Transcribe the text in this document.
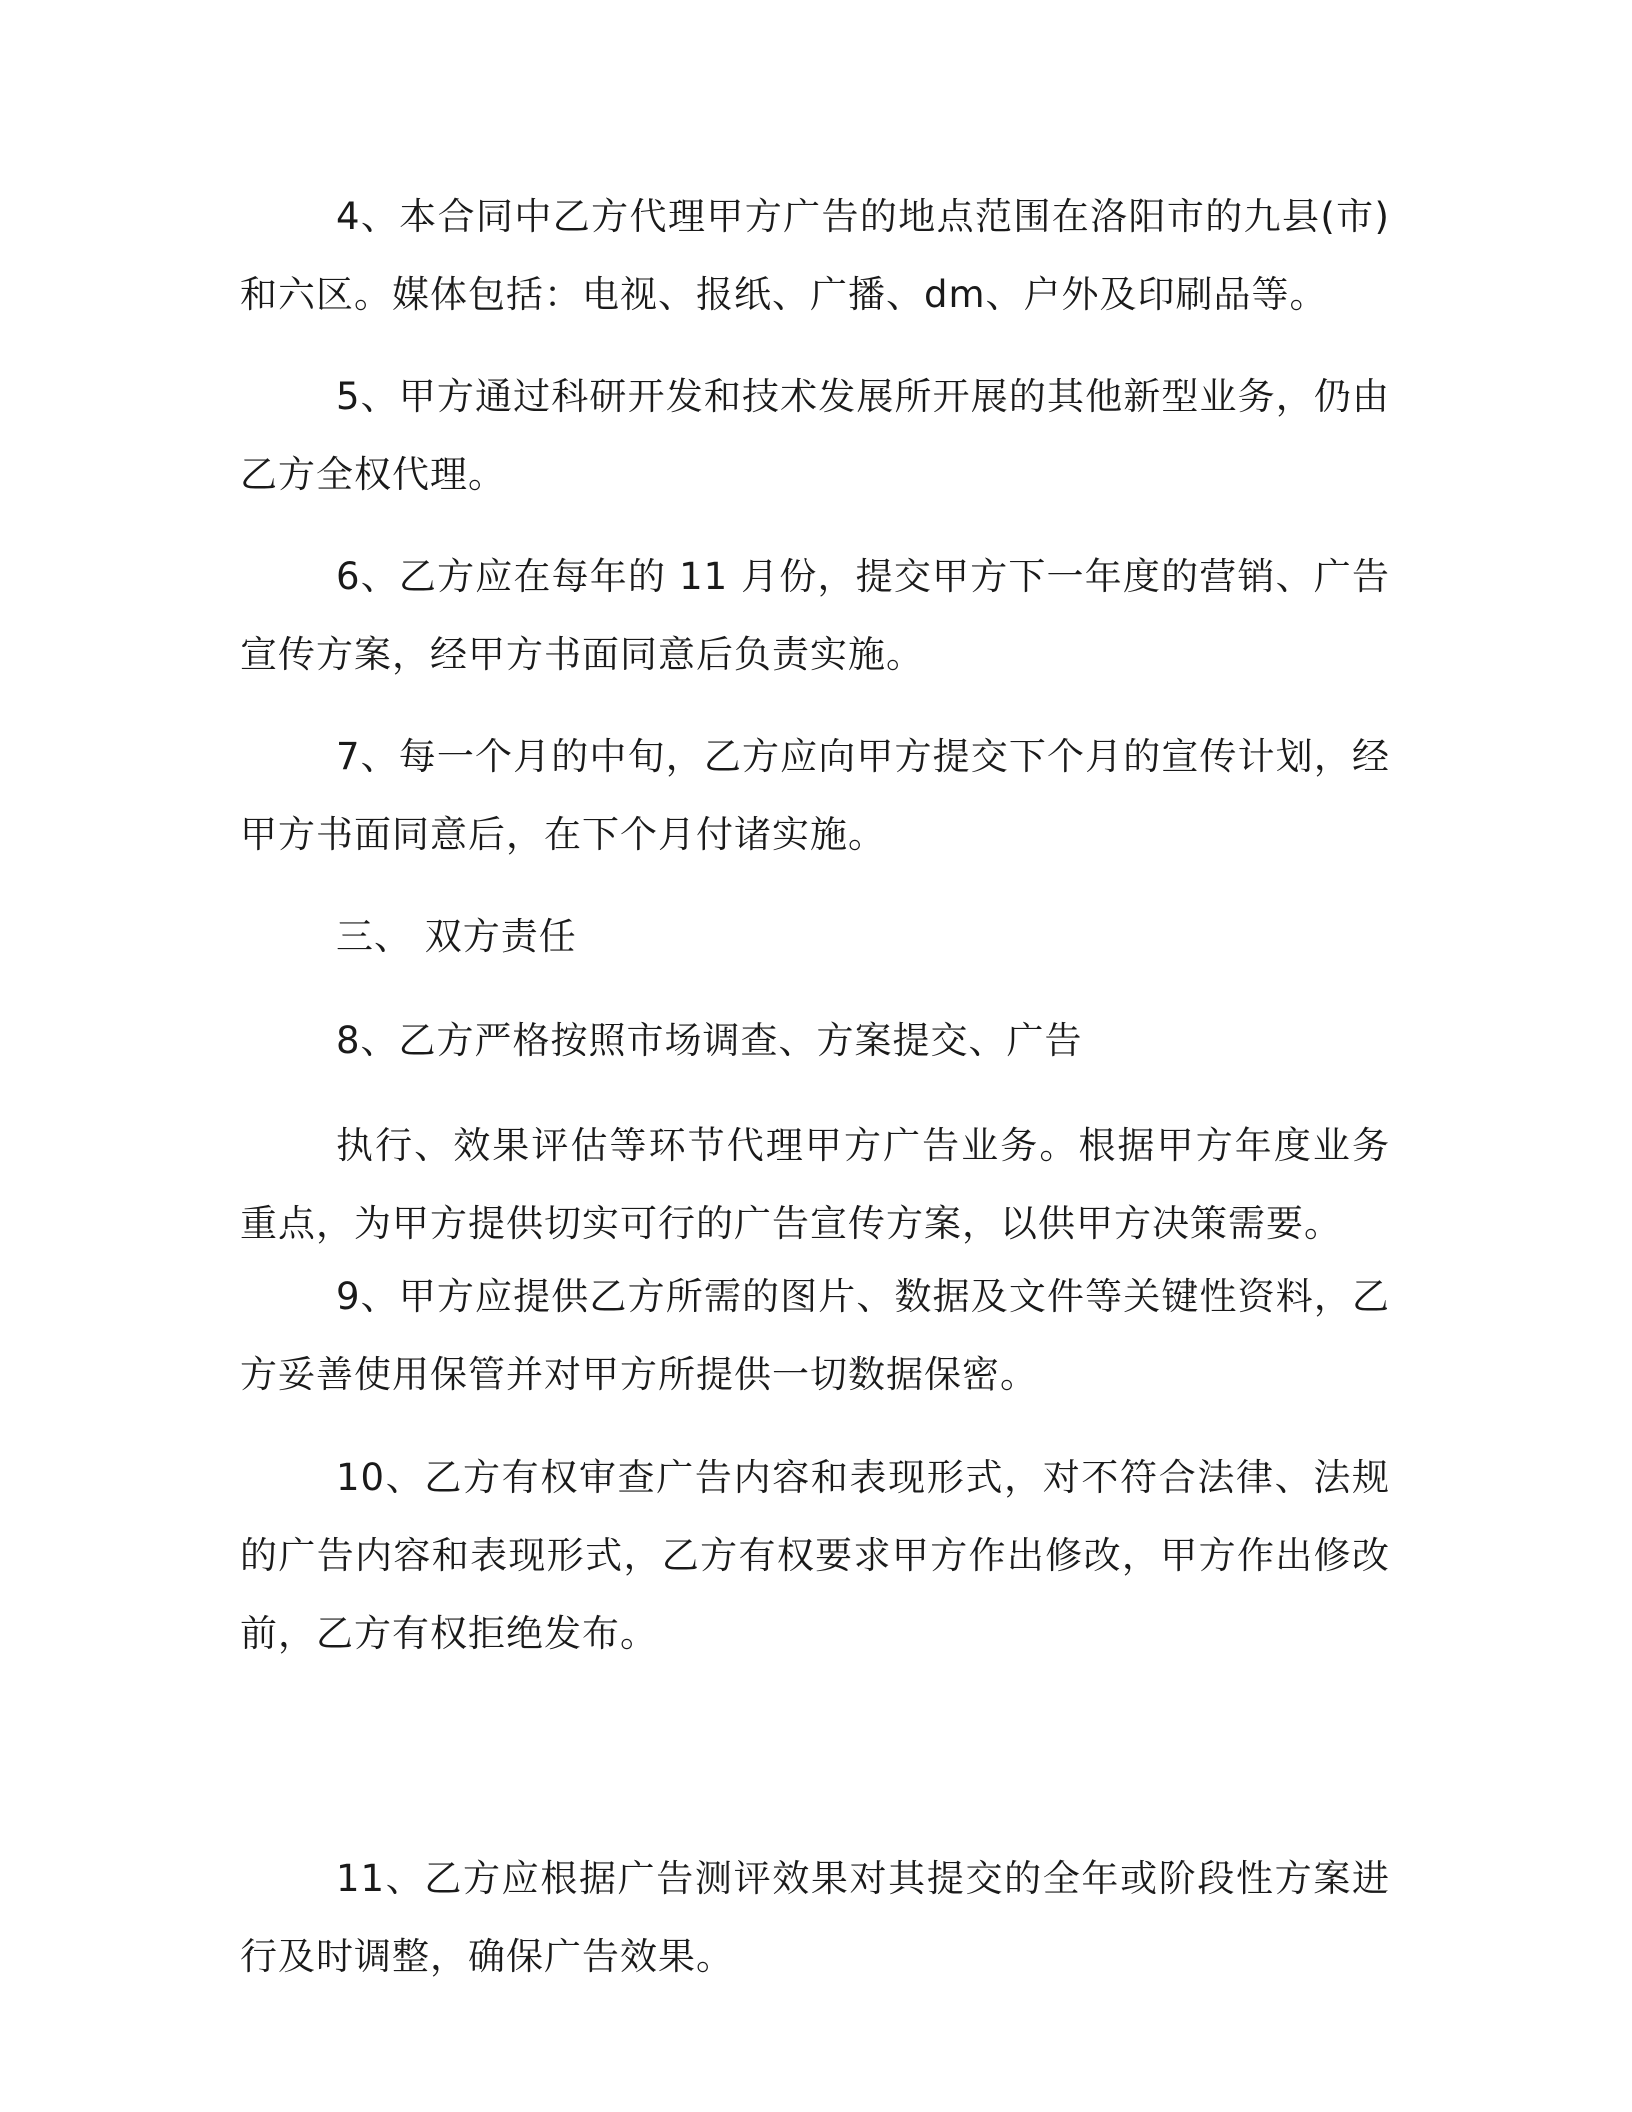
4、本合同中乙方代理甲方广告的地点范围在洛阳市的九县(市)和六区。媒体包括：电视、报纸、广播、dm、户外及印刷品等。

5、甲方通过科研开发和技术发展所开展的其他新型业务，仍由乙方全权代理。

6、乙方应在每年的 11 月份，提交甲方下一年度的营销、广告宣传方案，经甲方书面同意后负责实施。

7、每一个月的中旬，乙方应向甲方提交下个月的宣传计划，经甲方书面同意后，在下个月付诸实施。

三、 双方责任

8、乙方严格按照市场调查、方案提交、广告

执行、效果评估等环节代理甲方广告业务。根据甲方年度业务重点，为甲方提供切实可行的广告宣传方案，以供甲方决策需要。

9、甲方应提供乙方所需的图片、数据及文件等关键性资料，乙方妥善使用保管并对甲方所提供一切数据保密。

10、乙方有权审查广告内容和表现形式，对不符合法律、法规的广告内容和表现形式，乙方有权要求甲方作出修改，甲方作出修改前，乙方有权拒绝发布。

11、乙方应根据广告测评效果对其提交的全年或阶段性方案进行及时调整，确保广告效果。
